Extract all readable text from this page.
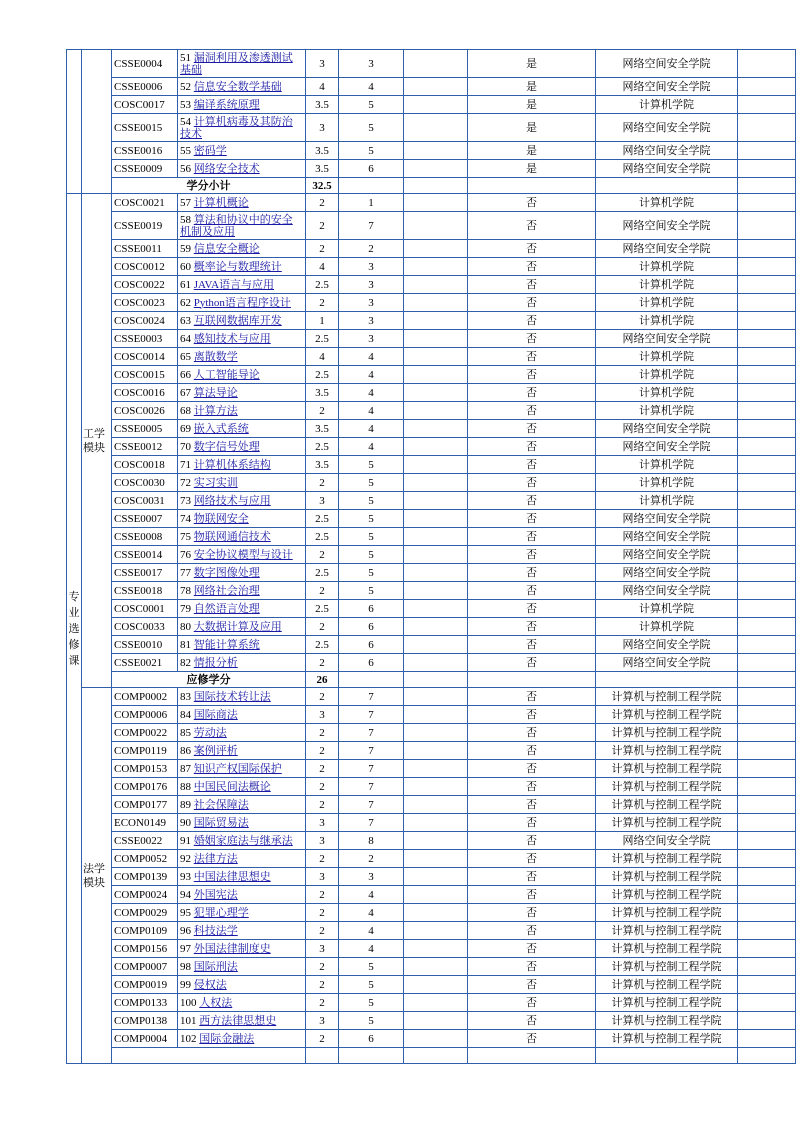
		CSSE0004	51 漏洞利用及渗透测试基础	3	3		是	网络空间安全学院	
		CSSE0006	52 信息安全数学基础	4	4		是	网络空间安全学院	
		COSC0017	53 编译系统原理	3.5	5		是	计算机学院	
		CSSE0015	54 计算机病毒及其防治技术	3	5		是	网络空间安全学院	
		CSSE0016	55 密码学	3.5	5		是	网络空间安全学院	
		CSSE0009	56 网络安全技术	3.5	6		是	网络空间安全学院	
		学分小计		32.5					
专业选修课	工学模块	COSC0021	57 计算机概论	2	1		否	计算机学院	
		CSSE0019	58 算法和协议中的安全机制及应用	2	7		否	网络空间安全学院	
		CSSE0011	59 信息安全概论	2	2		否	网络空间安全学院	
		COSC0012	60 概率论与数理统计	4	3		否	计算机学院	
		COSC0022	61 JAVA语言与应用	2.5	3		否	计算机学院	
		COSC0023	62 Python语言程序设计	2	3		否	计算机学院	
		COSC0024	63 互联网数据库开发	1	3		否	计算机学院	
		CSSE0003	64 感知技术与应用	2.5	3		否	网络空间安全学院	
		COSC0014	65 离散数学	4	4		否	计算机学院	
		COSC0015	66 人工智能导论	2.5	4		否	计算机学院	
		COSC0016	67 算法导论	3.5	4		否	计算机学院	
		COSC0026	68 计算方法	2	4		否	计算机学院	
		CSSE0005	69 嵌入式系统	3.5	4		否	网络空间安全学院	
		CSSE0012	70 数字信号处理	2.5	4		否	网络空间安全学院	
		COSC0018	71 计算机体系结构	3.5	5		否	计算机学院	
		COSC0030	72 实习实训	2	5		否	计算机学院	
		COSC0031	73 网络技术与应用	3	5		否	计算机学院	
		CSSE0007	74 物联网安全	2.5	5		否	网络空间安全学院	
		CSSE0008	75 物联网通信技术	2.5	5		否	网络空间安全学院	
		CSSE0014	76 安全协议模型与设计	2	5		否	网络空间安全学院	
		CSSE0017	77 数字图像处理	2.5	5		否	网络空间安全学院	
		CSSE0018	78 网络社会治理	2	5		否	网络空间安全学院	
		COSC0001	79 自然语言处理	2.5	6		否	计算机学院	
		COSC0033	80 大数据计算及应用	2	6		否	计算机学院	
		CSSE0010	81 智能计算系统	2.5	6		否	网络空间安全学院	
		CSSE0021	82 情报分析	2	6		否	网络空间安全学院	
		应修学分		26					
	法学模块	COMP0002	83 国际技术转让法	2	7		否	计算机与控制工程学院	
		COMP0006	84 国际商法	3	7		否	计算机与控制工程学院	
		COMP0022	85 劳动法	2	7		否	计算机与控制工程学院	
		COMP0119	86 案例评析	2	7		否	计算机与控制工程学院	
		COMP0153	87 知识产权国际保护	2	7		否	计算机与控制工程学院	
		COMP0176	88 中国民间法概论	2	7		否	计算机与控制工程学院	
		COMP0177	89 社会保障法	2	7		否	计算机与控制工程学院	
		ECON0149	90 国际贸易法	3	7		否	计算机与控制工程学院	
		CSSE0022	91 婚姻家庭法与继承法	3	8		否	网络空间安全学院	
		COMP0052	92 法律方法	2	2		否	计算机与控制工程学院	
		COMP0139	93 中国法律思想史	3	3		否	计算机与控制工程学院	
		COMP0024	94 外国宪法	2	4		否	计算机与控制工程学院	
		COMP0029	95 犯罪心理学	2	4		否	计算机与控制工程学院	
		COMP0109	96 科技法学	2	4		否	计算机与控制工程学院	
		COMP0156	97 外国法律制度史	3	4		否	计算机与控制工程学院	
		COMP0007	98 国际刑法	2	5		否	计算机与控制工程学院	
		COMP0019	99 侵权法	2	5		否	计算机与控制工程学院	
		COMP0133	100 人权法	2	5		否	计算机与控制工程学院	
		COMP0138	101 西方法律思想史	3	5		否	计算机与控制工程学院	
		COMP0004	102 国际金融法	2	6		否	计算机与控制工程学院	
